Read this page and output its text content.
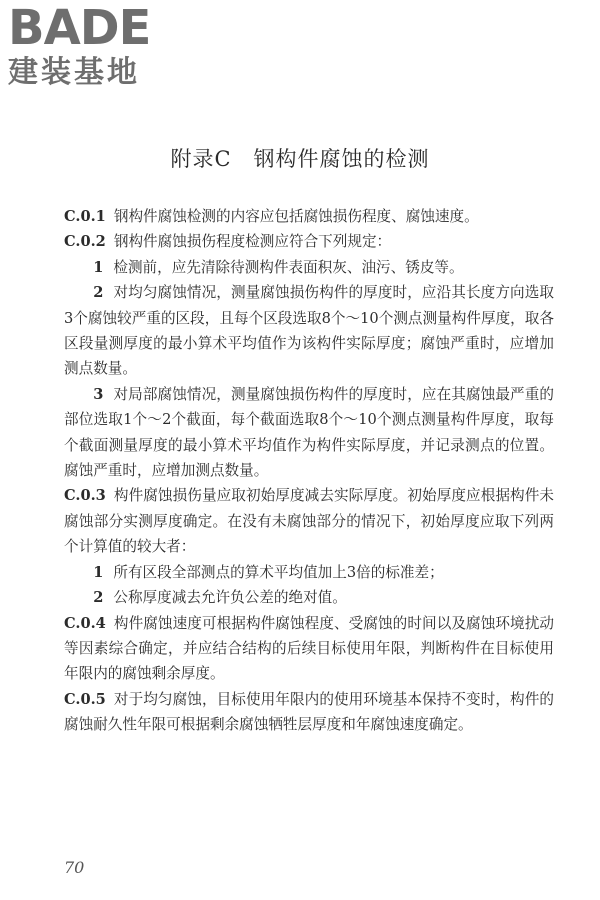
BADE
建装基地
附录C　钢构件腐蚀的检测

C.0.1 钢构件腐蚀检测的内容应包括腐蚀损伤程度、腐蚀速度。

C.0.2 钢构件腐蚀损伤程度检测应符合下列规定：

1 检测前，应先清除待测构件表面积灰、油污、锈皮等。

2 对均匀腐蚀情况，测量腐蚀损伤构件的厚度时，应沿其长度方向选取3个腐蚀较严重的区段，且每个区段选取8个～10个测点测量构件厚度，取各区段量测厚度的最小算术平均值作为该构件实际厚度；腐蚀严重时，应增加测点数量。

3 对局部腐蚀情况，测量腐蚀损伤构件的厚度时，应在其腐蚀最严重的部位选取1个～2个截面，每个截面选取8个～10个测点测量构件厚度，取每个截面测量厚度的最小算术平均值作为构件实际厚度，并记录测点的位置。腐蚀严重时，应增加测点数量。

C.0.3 构件腐蚀损伤量应取初始厚度减去实际厚度。初始厚度应根据构件未腐蚀部分实测厚度确定。在没有未腐蚀部分的情况下，初始厚度应取下列两个计算值的较大者：

1 所有区段全部测点的算术平均值加上3倍的标准差；

2 公称厚度减去允许负公差的绝对值。

C.0.4 构件腐蚀速度可根据构件腐蚀程度、受腐蚀的时间以及腐蚀环境扰动等因素综合确定，并应结合结构的后续目标使用年限，判断构件在目标使用年限内的腐蚀剩余厚度。

C.0.5 对于均匀腐蚀，目标使用年限内的使用环境基本保持不变时，构件的腐蚀耐久性年限可根据剩余腐蚀牺牲层厚度和年腐蚀速度确定。

70
